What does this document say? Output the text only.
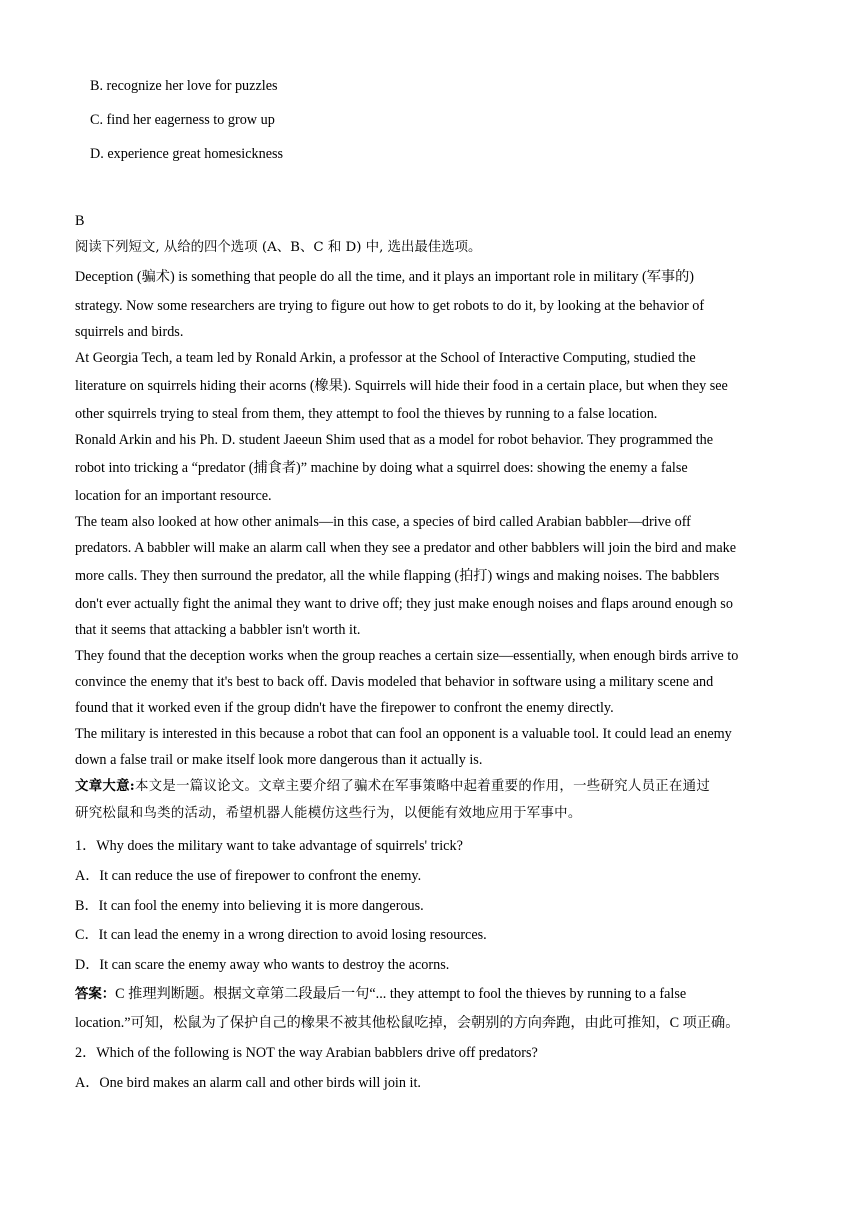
B. recognize her love for puzzles
C. find her eagerness to grow up
D. experience great homesickness
B
阅读下列短文, 从给的四个选项 (A、B、C 和 D) 中, 选出最佳选项。
Deception (骗术) is something that people do all the time, and it plays an important role in military (军事的)
strategy. Now some researchers are trying to figure out how to get robots to do it, by looking at the behavior of
squirrels and birds.
At Georgia Tech, a team led by Ronald Arkin, a professor at the School of Interactive Computing, studied the
literature on squirrels hiding their acorns (橡果). Squirrels will hide their food in a certain place, but when they see
other squirrels trying to steal from them, they attempt to fool the thieves by running to a false location.
Ronald Arkin and his Ph. D. student Jaeeun Shim used that as a model for robot behavior. They programmed the
robot into tricking a “predator (捕食者)” machine by doing what a squirrel does: showing the enemy a false
location for an important resource.
The team also looked at how other animals—in this case, a species of bird called Arabian babbler—drive off
predators. A babbler will make an alarm call when they see a predator and other babblers will join the bird and make
more calls. They then surround the predator, all the while flapping (拍打) wings and making noises. The babblers
don't ever actually fight the animal they want to drive off; they just make enough noises and flaps around enough so
that it seems that attacking a babbler isn't worth it.
They found that the deception works when the group reaches a certain size—essentially, when enough birds arrive to
convince the enemy that it's best to back off. Davis modeled that behavior in software using a military scene and
found that it worked even if the group didn't have the firepower to confront the enemy directly.
The military is interested in this because a robot that can fool an opponent is a valuable tool. It could lead an enemy
down a false trail or make itself look more dangerous than it actually is.
文章大意:本文是一篇议论文。文章主要介绍了骗术在军事策略中起着重要的作用，一些研究人员正在通过
研究松鼠和鸟类的活动，希望机器人能模仿这些行为，以便能有效地应用于军事中。
1．Why does the military want to take advantage of squirrels' trick?
A．It can reduce the use of firepower to confront the enemy.
B．It can fool the enemy into believing it is more dangerous.
C．It can lead the enemy in a wrong direction to avoid losing resources.
D．It can scare the enemy away who wants to destroy the acorns.
答案：C 推理判断题。根据文章第二段最后一句“... they attempt to fool the thieves by running to a false
location.”可知，松鼠为了保护自己的橡果不被其他松鼠吃掉，会朝别的方向奔跑，由此可推知，C 项正确。
2．Which of the following is NOT the way Arabian babblers drive off predators?
A．One bird makes an alarm call and other birds will join it.
